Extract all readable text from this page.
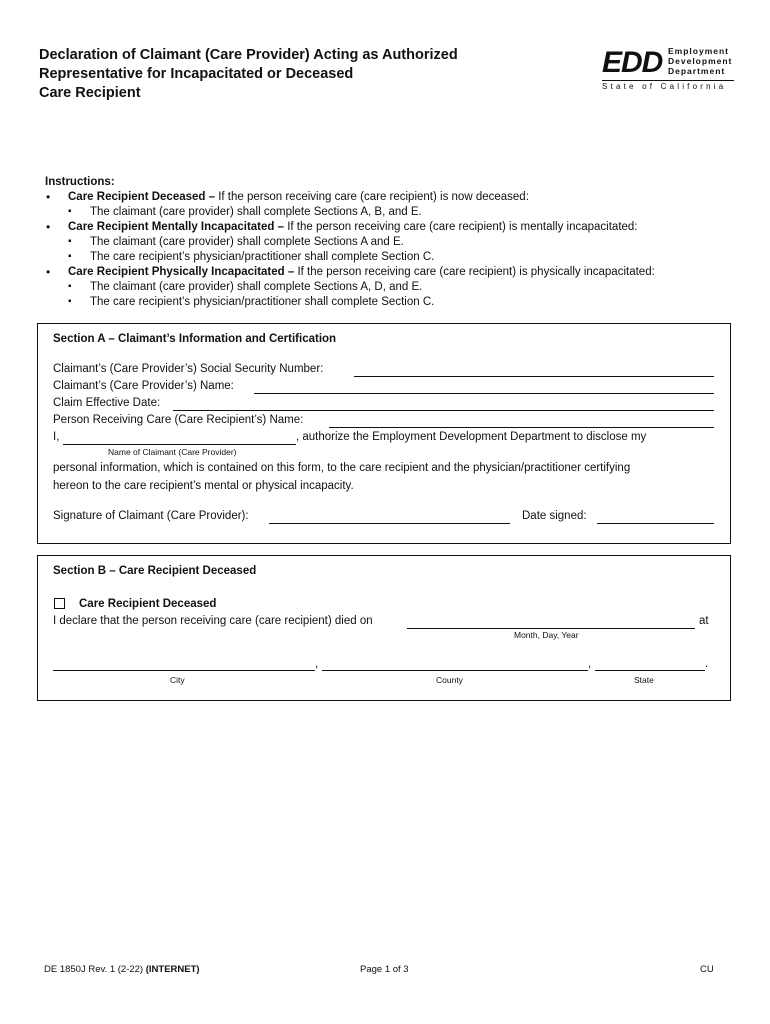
Declaration of Claimant (Care Provider) Acting as Authorized
Representative for Incapacitated or Deceased
Care Recipient
EDD Employment
Development
Department
State of California
Instructions:
• Care Recipient Deceased – If the person receiving care (care recipient) is now deceased:
▪ The claimant (care provider) shall complete Sections A, B, and E.
• Care Recipient Mentally Incapacitated – If the person receiving care (care recipient) is mentally incapacitated:
▪ The claimant (care provider) shall complete Sections A and E.
▪ The care recipient’s physician/practitioner shall complete Section C.
• Care Recipient Physically Incapacitated – If the person receiving care (care recipient) is physically incapacitated:
▪ The claimant (care provider) shall complete Sections A, D, and E.
▪ The care recipient’s physician/practitioner shall complete Section C.
Section A – Claimant’s Information and Certification
Claimant’s (Care Provider’s) Social Security Number:
Claimant’s (Care Provider’s) Name:
Claim Effective Date:
Person Receiving Care (Care Recipient’s) Name:
I,	, authorize the Employment Development Department to disclose my
Name of Claimant (Care Provider)
personal information, which is contained on this form, to the care recipient and the physician/practitioner certifying
hereon to the care recipient’s mental or physical incapacity.
Signature of Claimant (Care Provider):	Date signed:
Section B – Care Recipient Deceased
Care Recipient Deceased
I declare that the person receiving care (care recipient) died on	at
Month, Day, Year
,	,	.
City	County	State
DE 1850J Rev. 1 (2-22) (INTERNET)	Page 1 of 3	CU
